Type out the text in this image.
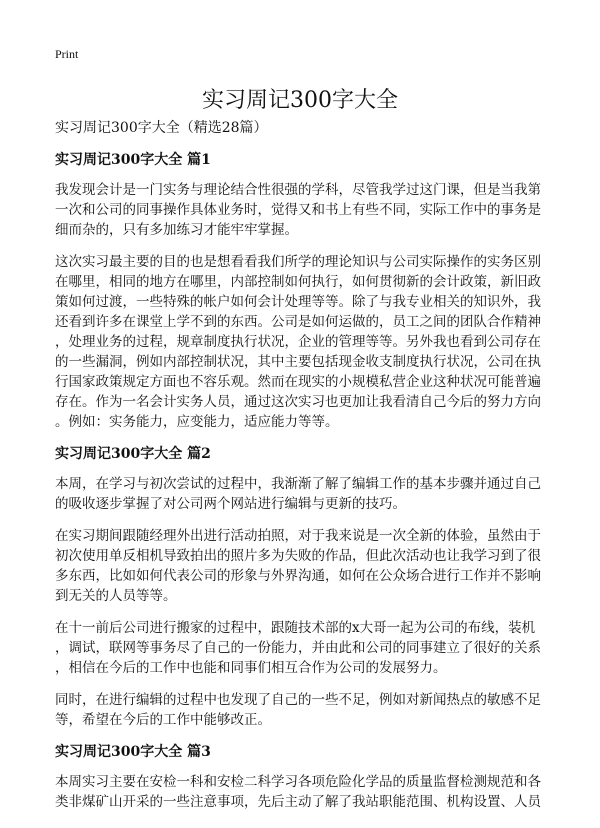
Print
实习周记300字大全
实习周记300字大全（精选28篇）
实习周记300字大全 篇1
我发现会计是一门实务与理论结合性很强的学科，尽管我学过这门课，但是当我第
一次和公司的同事操作具体业务时，觉得又和书上有些不同，实际工作中的事务是
细而杂的，只有多加练习才能牢牢掌握。
这次实习最主要的目的也是想看看我们所学的理论知识与公司实际操作的实务区别
在哪里，相同的地方在哪里，内部控制如何执行，如何贯彻新的会计政策，新旧政
策如何过渡，一些特殊的帐户如何会计处理等等。除了与我专业相关的知识外，我
还看到许多在课堂上学不到的东西。公司是如何运做的，员工之间的团队合作精神
，处理业务的过程，规章制度执行状况，企业的管理等等。另外我也看到公司存在
的一些漏洞，例如内部控制状况，其中主要包括现金收支制度执行状况，公司在执
行国家政策规定方面也不容乐观。然而在现实的小规模私营企业这种状况可能普遍
存在。作为一名会计实务人员，通过这次实习也更加让我看清自己今后的努力方向
。例如：实务能力，应变能力，适应能力等等。
实习周记300字大全 篇2
本周，在学习与初次尝试的过程中，我渐渐了解了编辑工作的基本步骤并通过自己
的吸收逐步掌握了对公司两个网站进行编辑与更新的技巧。
在实习期间跟随经理外出进行活动拍照，对于我来说是一次全新的体验，虽然由于
初次使用单反相机导致拍出的照片多为失败的作品，但此次活动也让我学习到了很
多东西，比如如何代表公司的形象与外界沟通，如何在公众场合进行工作并不影响
到无关的人员等等。
在十一前后公司进行搬家的过程中，跟随技术部的x大哥一起为公司的布线，装机
，调试，联网等事务尽了自己的一份能力，并由此和公司的同事建立了很好的关系
，相信在今后的工作中也能和同事们相互合作为公司的发展努力。
同时，在进行编辑的过程中也发现了自己的一些不足，例如对新闻热点的敏感不足
等，希望在今后的工作中能够改正。
实习周记300字大全 篇3
本周实习主要在安检一科和安检二科学习各项危险化学品的质量监督检测规范和各
类非煤矿山开采的一些注意事项，先后主动了解了我站职能范围、机构设置、人员
